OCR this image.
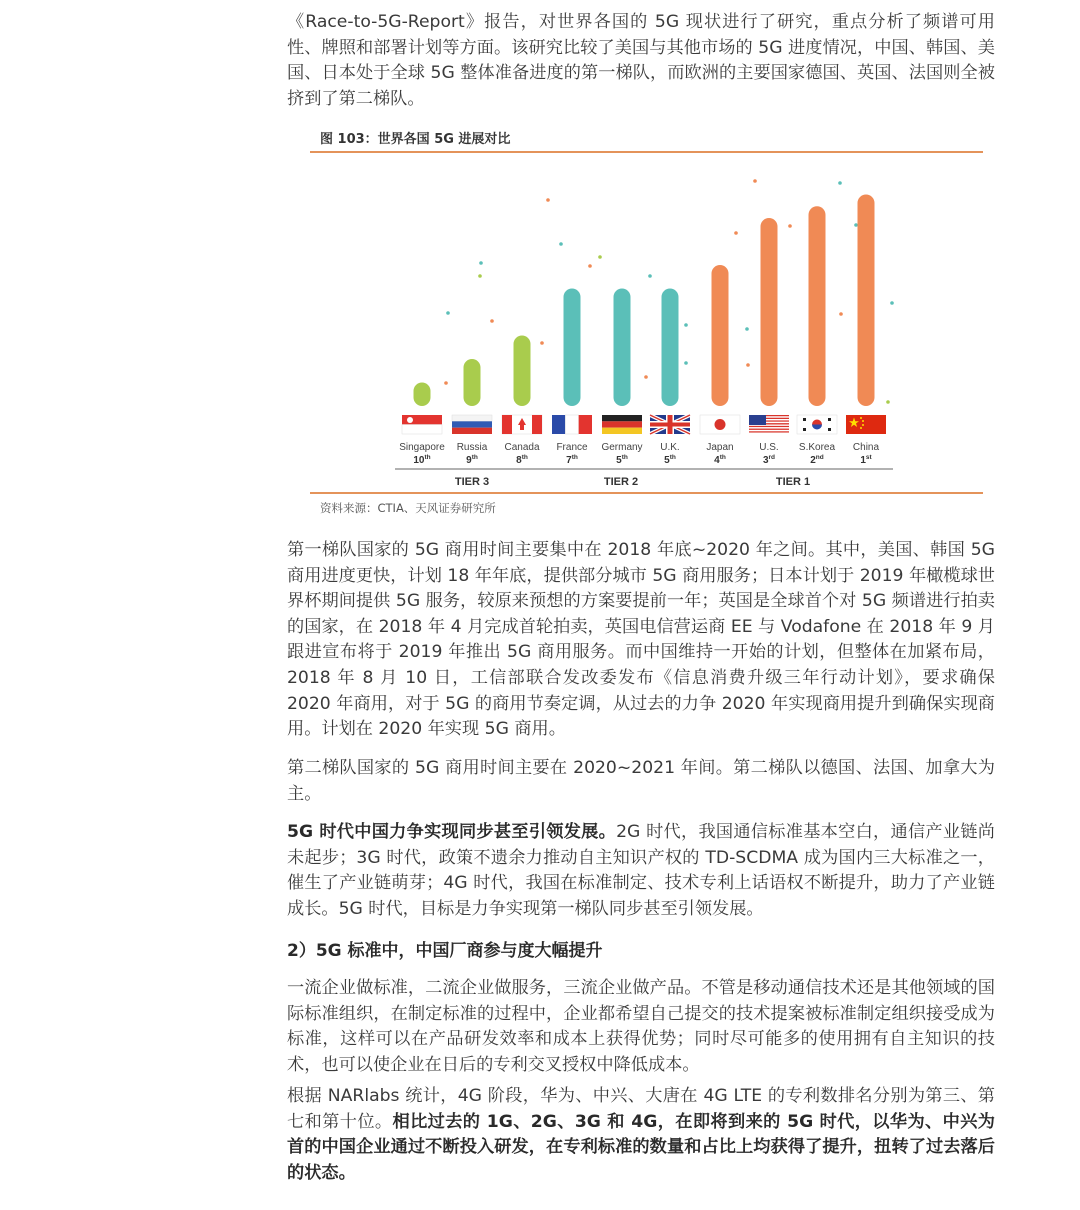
《Race-to-5G-Report》报告，对世界各国的 5G 现状进行了研究，重点分析了频谱可用性、牌照和部署计划等方面。该研究比较了美国与其他市场的 5G 进度情况，中国、韩国、美国、日本处于全球 5G 整体准备进度的第一梯队，而欧洲的主要国家德国、英国、法国则全被挤到了第二梯队。

图 103：世界各国 5G 进展对比
Singapore
10th
Russia
9th
Canada
8th
France
7th
Germany
5th
U.K.
5th
Japan
4th
U.S.
3rd
S.Korea
2nd
China
1st
TIER 3	TIER 2	TIER 1
资料来源：CTIA、天风证券研究所

第一梯队国家的 5G 商用时间主要集中在 2018 年底~2020 年之间。其中，美国、韩国 5G 商用进度更快，计划 18 年年底，提供部分城市 5G 商用服务；日本计划于 2019 年橄榄球世界杯期间提供 5G 服务，较原来预想的方案要提前一年；英国是全球首个对 5G 频谱进行拍卖的国家，在 2018 年 4 月完成首轮拍卖，英国电信营运商 EE 与 Vodafone 在 2018 年 9 月跟进宣布将于 2019 年推出 5G 商用服务。而中国维持一开始的计划，但整体在加紧布局，2018 年 8 月 10 日，工信部联合发改委发布《信息消费升级三年行动计划》，要求确保 2020 年商用，对于 5G 的商用节奏定调，从过去的力争 2020 年实现商用提升到确保实现商用。计划在 2020 年实现 5G 商用。

第二梯队国家的 5G 商用时间主要在 2020~2021 年间。第二梯队以德国、法国、加拿大为主。

5G 时代中国力争实现同步甚至引领发展。2G 时代，我国通信标准基本空白，通信产业链尚未起步；3G 时代，政策不遗余力推动自主知识产权的 TD-SCDMA 成为国内三大标准之一，催生了产业链萌芽；4G 时代，我国在标准制定、技术专利上话语权不断提升，助力了产业链成长。5G 时代，目标是力争实现第一梯队同步甚至引领发展。

2）5G 标准中，中国厂商参与度大幅提升

一流企业做标准，二流企业做服务，三流企业做产品。不管是移动通信技术还是其他领域的国际标准组织，在制定标准的过程中，企业都希望自己提交的技术提案被标准制定组织接受成为标准，这样可以在产品研发效率和成本上获得优势；同时尽可能多的使用拥有自主知识的技术，也可以使企业在日后的专利交叉授权中降低成本。

根据 NARlabs 统计，4G 阶段，华为、中兴、大唐在 4G LTE 的专利数排名分别为第三、第七和第十位。相比过去的 1G、2G、3G 和 4G，在即将到来的 5G 时代，以华为、中兴为首的中国企业通过不断投入研发，在专利标准的数量和占比上均获得了提升，扭转了过去落后的状态。
